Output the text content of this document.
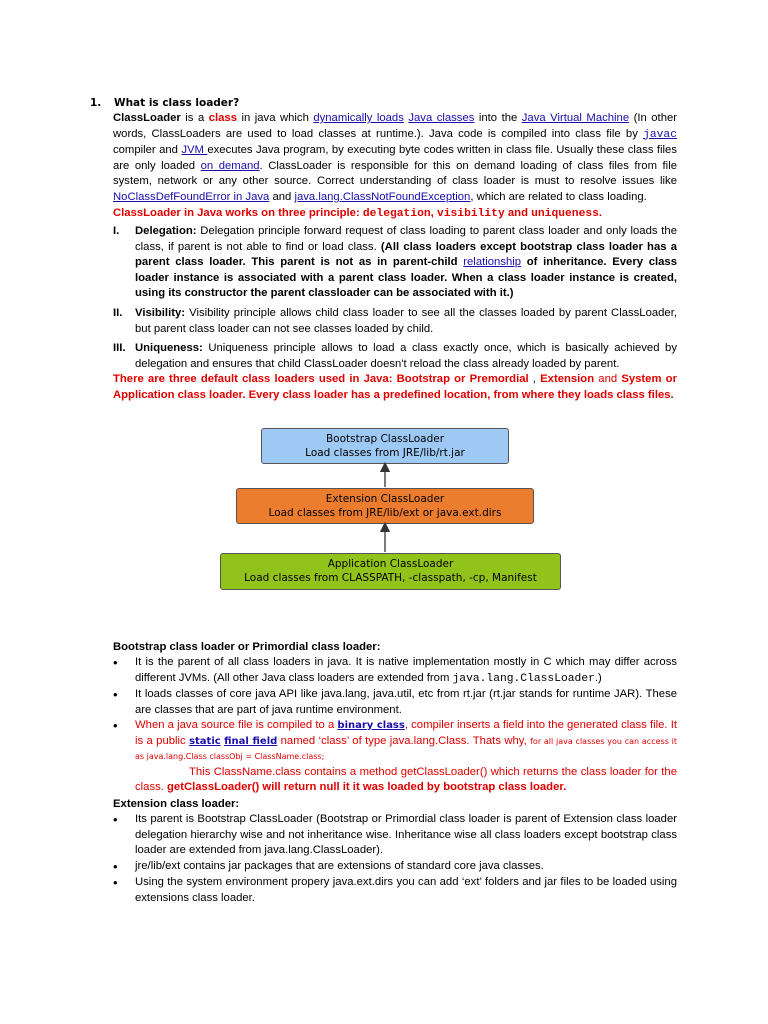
1. What is class loader?
ClassLoader is a class in java which dynamically loads Java classes into the Java Virtual Machine (In other words, ClassLoaders are used to load classes at runtime.). Java code is compiled into class file by javac compiler and JVM executes Java program, by executing byte codes written in class file. Usually these class files are only loaded on demand. ClassLoader is responsible for this on demand loading of class files from file system, network or any other source. Correct understanding of class loader is must to resolve issues like NoClassDefFoundError in Java and java.lang.ClassNotFoundException, which are related to class loading.
ClassLoader in Java works on three principle: delegation, visibility and uniqueness.
I. Delegation: Delegation principle forward request of class loading to parent class loader and only loads the class, if parent is not able to find or load class. (All class loaders except bootstrap class loader has a parent class loader. This parent is not as in parent-child relationship of inheritance. Every class loader instance is associated with a parent class loader. When a class loader instance is created, using its constructor the parent classloader can be associated with it.)
II. Visibility: Visibility principle allows child class loader to see all the classes loaded by parent ClassLoader, but parent class loader can not see classes loaded by child.
III. Uniqueness: Uniqueness principle allows to load a class exactly once, which is basically achieved by delegation and ensures that child ClassLoader doesn't reload the class already loaded by parent.
There are three default class loaders used in Java: Bootstrap or Premordial , Extension and System or Application class loader. Every class loader has a predefined location, from where they loads class files.
Bootstrap ClassLoader
Load classes from JRE/lib/rt.jar
Extension ClassLoader
Load classes from JRE/lib/ext or java.ext.dirs
Application ClassLoader
Load classes from CLASSPATH, -classpath, -cp, Manifest
Bootstrap class loader or Primordial class loader:
• It is the parent of all class loaders in java. It is native implementation mostly in C which may differ across different JVMs. (All other Java class loaders are extended from java.lang.ClassLoader.)
• It loads classes of core java API like java.lang, java.util, etc from rt.jar (rt.jar stands for runtime JAR). These are classes that are part of java runtime environment.
• When a java source file is compiled to a binary class, compiler inserts a field into the generated class file. It is a public static final field named ‘class’ of type java.lang.Class. Thats why, for all java classes you can access it as java.lang.Class classObj = ClassName.class;
This ClassName.class contains a method getClassLoader() which returns the class loader for the class. getClassLoader() will return null it it was loaded by bootstrap class loader.
Extension class loader:
• Its parent is Bootstrap ClassLoader (Bootstrap or Primordial class loader is parent of Extension class loader delegation hierarchy wise and not inheritance wise. Inheritance wise all class loaders except bootstrap class loader are extended from java.lang.ClassLoader).
• jre/lib/ext contains jar packages that are extensions of standard core java classes.
• Using the system environment propery java.ext.dirs you can add ‘ext’ folders and jar files to be loaded using extensions class loader.
